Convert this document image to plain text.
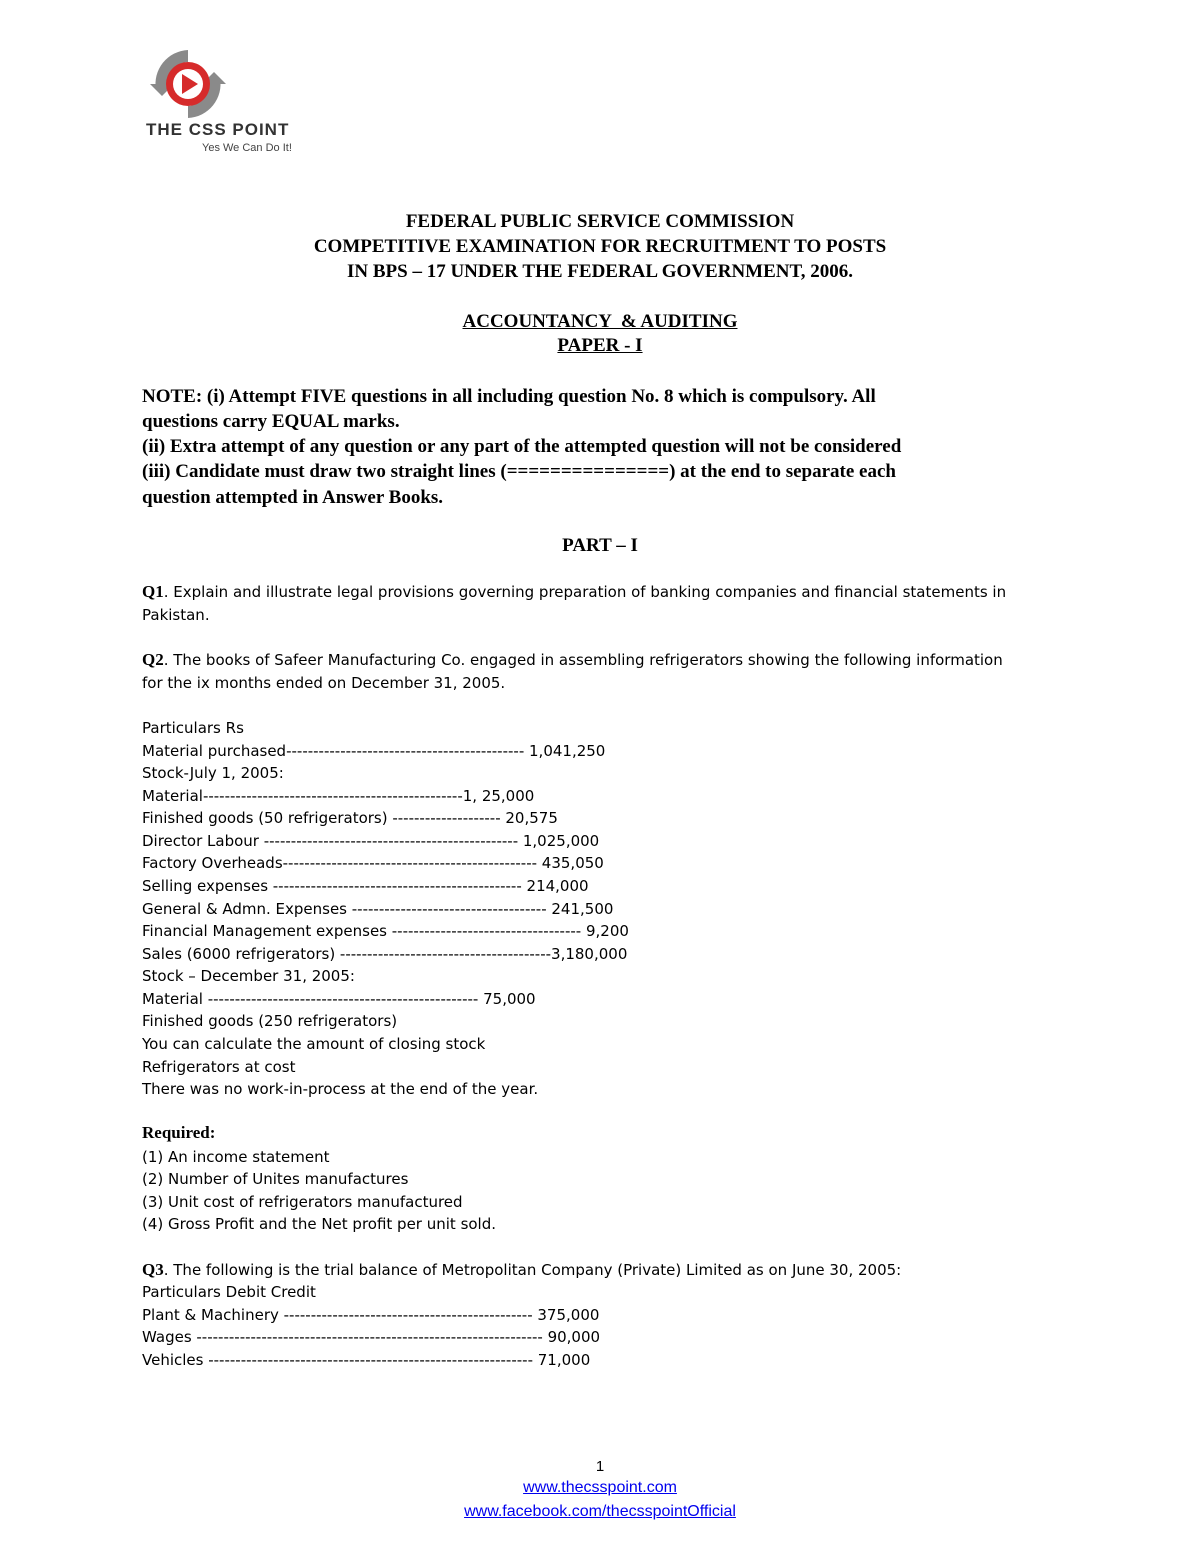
THE CSS POINT
Yes We Can Do It!
FEDERAL PUBLIC SERVICE COMMISSION
COMPETITIVE EXAMINATION FOR RECRUITMENT TO POSTS
IN BPS – 17 UNDER THE FEDERAL GOVERNMENT, 2006.
ACCOUNTANCY  & AUDITING
PAPER - I
NOTE: (i) Attempt FIVE questions in all including question No. 8 which is compulsory. All
questions carry EQUAL marks.
(ii) Extra attempt of any question or any part of the attempted question will not be considered
(iii) Candidate must draw two straight lines (===============) at the end to separate each
question attempted in Answer Books.
PART – I
Q1. Explain and illustrate legal provisions governing preparation of banking companies and financial statements in
Pakistan.
Q2. The books of Safeer Manufacturing Co. engaged in assembling refrigerators showing the following information
for the ix months ended on December 31, 2005.
Particulars Rs
Material purchased-------------------------------------------- 1,041,250
Stock-July 1, 2005:
Material------------------------------------------------1, 25,000
Finished goods (50 refrigerators) -------------------- 20,575
Director Labour ----------------------------------------------- 1,025,000
Factory Overheads----------------------------------------------- 435,050
Selling expenses ---------------------------------------------- 214,000
General & Admn. Expenses ------------------------------------ 241,500
Financial Management expenses ----------------------------------- 9,200
Sales (6000 refrigerators) ---------------------------------------3,180,000
Stock – December 31, 2005:
Material -------------------------------------------------- 75,000
Finished goods (250 refrigerators)
You can calculate the amount of closing stock
Refrigerators at cost
There was no work-in-process at the end of the year.
Required:
(1) An income statement
(2) Number of Unites manufactures
(3) Unit cost of refrigerators manufactured
(4) Gross Profit and the Net profit per unit sold.
Q3. The following is the trial balance of Metropolitan Company (Private) Limited as on June 30, 2005:
Particulars Debit Credit
Plant & Machinery ---------------------------------------------- 375,000
Wages ---------------------------------------------------------------- 90,000
Vehicles ------------------------------------------------------------ 71,000
1
www.thecsspoint.com
www.facebook.com/thecsspointOfficial
